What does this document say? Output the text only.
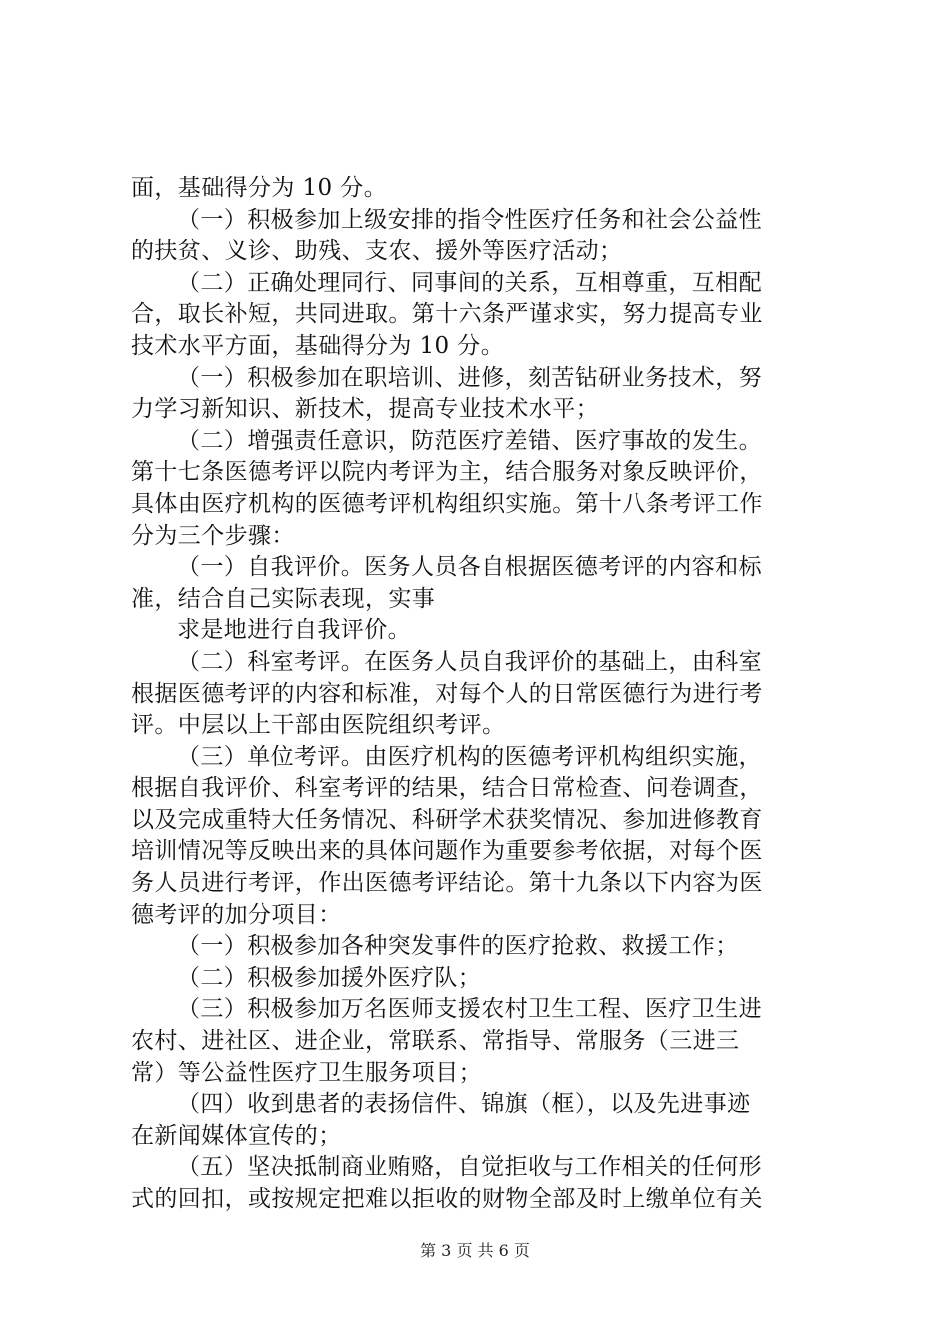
面，基础得分为 10 分。
（一）积极参加上级安排的指令性医疗任务和社会公益性
的扶贫、义诊、助残、支农、援外等医疗活动；
（二）正确处理同行、同事间的关系，互相尊重，互相配
合，取长补短，共同进取。第十六条严谨求实，努力提高专业
技术水平方面，基础得分为 10 分。
（一）积极参加在职培训、进修，刻苦钻研业务技术，努
力学习新知识、新技术，提高专业技术水平；
（二）增强责任意识，防范医疗差错、医疗事故的发生。
第十七条医德考评以院内考评为主，结合服务对象反映评价，
具体由医疗机构的医德考评机构组织实施。第十八条考评工作
分为三个步骤：
（一）自我评价。医务人员各自根据医德考评的内容和标
准，结合自己实际表现，实事
求是地进行自我评价。
（二）科室考评。在医务人员自我评价的基础上，由科室
根据医德考评的内容和标准，对每个人的日常医德行为进行考
评。中层以上干部由医院组织考评。
（三）单位考评。由医疗机构的医德考评机构组织实施，
根据自我评价、科室考评的结果，结合日常检查、问卷调查，
以及完成重特大任务情况、科研学术获奖情况、参加进修教育
培训情况等反映出来的具体问题作为重要参考依据，对每个医
务人员进行考评，作出医德考评结论。第十九条以下内容为医
德考评的加分项目：
（一）积极参加各种突发事件的医疗抢救、救援工作；
（二）积极参加援外医疗队；
（三）积极参加万名医师支援农村卫生工程、医疗卫生进
农村、进社区、进企业，常联系、常指导、常服务（三进三
常）等公益性医疗卫生服务项目；
（四）收到患者的表扬信件、锦旗（框），以及先进事迹
在新闻媒体宣传的；
（五）坚决抵制商业贿赂，自觉拒收与工作相关的任何形
式的回扣，或按规定把难以拒收的财物全部及时上缴单位有关
第 3 页 共 6 页
